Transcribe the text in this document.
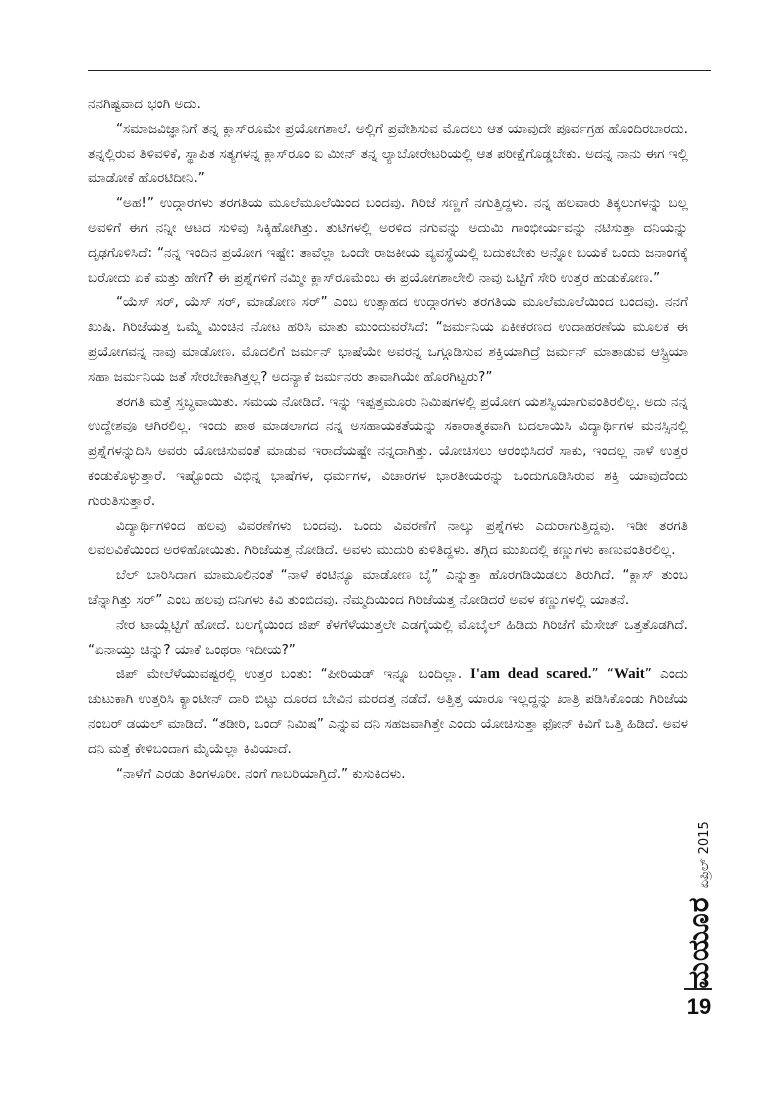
ನನಗಿಷ್ಟವಾದ ಭಂಗಿ ಅದು.

“ಸಮಾಜವಿಜ್ಞಾನಿಗೆ ತನ್ನ ಕ್ಲಾಸ್‌ರೂಮೇ ಪ್ರಯೋಗಶಾಲೆ. ಅಲ್ಲಿಗೆ ಪ್ರವೇಶಿಸುವ ಮೊದಲು ಆತ ಯಾವುದೇ ಪೂರ್ವಗ್ರಹ ಹೊಂದಿರಬಾರದು. ತನ್ನಲ್ಲಿರುವ ತಿಳಿವಳಿಕೆ, ಸ್ಥಾಪಿತ ಸತ್ಯಗಳನ್ನ ಕ್ಲಾಸ್‌ರೂಂ ಐ ಮೀನ್ ತನ್ನ ಲ್ಯಾಬೋರೇಟರಿಯಲ್ಲಿ ಆತ ಪರೀಕ್ಷೆಗೊಡ್ಡಬೇಕು. ಅದನ್ನ ನಾನು ಈಗ ಇಲ್ಲಿ ಮಾಡೋಕೆ ಹೊರಟಿದೀನಿ.”

“ಅಹ!” ಉದ್ಗಾರಗಳು ತರಗತಿಯ ಮೂಲೆಮೂಲೆಯಿಂದ ಬಂದವು. ಗಿರಿಜೆ ಸಣ್ಣಗೆ ನಗುತ್ತಿದ್ದಳು. ನನ್ನ ಹಲವಾರು ತಿಕ್ಕಲುಗಳನ್ನು ಬಲ್ಲ ಅವಳಿಗೆ ಈಗ ನನ್ನೀ ಆಟದ ಸುಳಿವು ಸಿಕ್ಕಿಹೋಗಿತ್ತು. ತುಟಿಗಳಲ್ಲಿ ಅರಳಿದ ನಗುವನ್ನು ಅದುಮಿ ಗಾಂಭೀರ್ಯವನ್ನು ನಟಿಸುತ್ತಾ ದನಿಯನ್ನು ದೃಢಗೊಳಿಸಿದೆ: “ನನ್ನ ಇಂದಿನ ಪ್ರಯೋಗ ಇಷ್ಟೇ: ತಾವೆಲ್ಲಾ ಒಂದೇ ರಾಜಕೀಯ ವ್ಯವಸ್ಥೆಯಲ್ಲಿ ಬದುಕಬೇಕು ಅನ್ನೋ ಬಯಕೆ ಒಂದು ಜನಾಂಗಕ್ಕೆ ಬರೋದು ಏಕೆ ಮತ್ತು ಹೇಗೆ? ಈ ಪ್ರಶ್ನೆಗಳಿಗೆ ನಮ್ಮೀ ಕ್ಲಾಸ್‌ರೂಮೆಂಬ ಈ ಪ್ರಯೋಗಶಾಲೇಲಿ ನಾವು ಒಟ್ಟಿಗೆ ಸೇರಿ ಉತ್ತರ ಹುಡುಕೋಣ.”

“ಯೆಸ್ ಸರ್, ಯೆಸ್ ಸರ್, ಮಾಡೋಣ ಸರ್” ಎಂಬ ಉತ್ಸಾಹದ ಉದ್ಗಾರಗಳು ತರಗತಿಯ ಮೂಲೆಮೂಲೆಯಿಂದ ಬಂದವು. ನನಗೆ ಖುಷಿ. ಗಿರಿಜೆಯತ್ತ ಒಮ್ಮೆ ಮಿಂಚಿನ ನೋಟ ಹರಿಸಿ ಮಾತು ಮುಂದುವರೆಸಿದೆ: “ಜರ್ಮನಿಯ ಏಕೀಕರಣದ ಉದಾಹರಣೆಯ ಮೂಲಕ ಈ ಪ್ರಯೋಗವನ್ನ ನಾವು ಮಾಡೋಣ. ಮೊದಲಿಗೆ ಜರ್ಮನ್ ಭಾಷೆಯೇ ಅವರನ್ನ ಒಗ್ಗೂಡಿಸುವ ಶಕ್ತಿಯಾಗಿದ್ರೆ ಜರ್ಮನ್ ಮಾತಾಡುವ ಆಸ್ಟ್ರಿಯಾ ಸಹಾ ಜರ್ಮನಿಯ ಜತೆ ಸೇರಬೇಕಾಗಿತ್ತಲ್ಲ? ಅದನ್ಯಾಕೆ ಜರ್ಮನರು ತಾವಾಗಿಯೇ ಹೊರಗಿಟ್ಟರು?”

ತರಗತಿ ಮತ್ತೆ ಸ್ತಬ್ಧವಾಯಿತು. ಸಮಯ ನೋಡಿದೆ. ಇನ್ನು ಇಪ್ಪತ್ತಮೂರು ನಿಮಿಷಗಳಲ್ಲಿ ಪ್ರಯೋಗ ಯಶಸ್ವಿಯಾಗುವಂತಿರಲಿಲ್ಲ. ಅದು ನನ್ನ ಉದ್ದೇಶವೂ ಆಗಿರಲಿಲ್ಲ. ಇಂದು ಪಾಠ ಮಾಡಲಾಗದ ನನ್ನ ಅಸಹಾಯಕತೆಯನ್ನು ಸಕಾರಾತ್ಮಕವಾಗಿ ಬದಲಾಯಿಸಿ ವಿದ್ಯಾರ್ಥಿಗಳ ಮನಸ್ಸಿನಲ್ಲಿ ಪ್ರಶ್ನೆಗಳನ್ನುದಿಸಿ ಅವರು ಯೋಚಿಸುವಂತೆ ಮಾಡುವ ಇರಾದೆಯಷ್ಟೇ ನನ್ನದಾಗಿತ್ತು. ಯೋಚಿಸಲು ಆರಂಭಿಸಿದರೆ ಸಾಕು, ಇಂದಲ್ಲ ನಾಳೆ ಉತ್ತರ ಕಂಡುಕೊಳ್ಳುತ್ತಾರೆ. ಇಷ್ಟೊಂದು ವಿಭಿನ್ನ ಭಾಷೆಗಳ, ಧರ್ಮಗಳ, ವಿಚಾರಗಳ ಭಾರತೀಯರನ್ನು ಒಂದುಗೂಡಿಸಿರುವ ಶಕ್ತಿ ಯಾವುದೆಂದು ಗುರುತಿಸುತ್ತಾರೆ.

ವಿದ್ಯಾರ್ಥಿಗಳಿಂದ ಹಲವು ವಿವರಣೆಗಳು ಬಂದವು. ಒಂದು ವಿವರಣೆಗೆ ನಾಲ್ಕು ಪ್ರಶ್ನೆಗಳು ಎದುರಾಗುತ್ತಿದ್ದವು. ಇಡೀ ತರಗತಿ ಲವಲವಿಕೆಯಿಂದ ಅರಳಿಹೋಯಿತು. ಗಿರಿಜೆಯತ್ತ ನೋಡಿದೆ. ಅವಳು ಮುದುರಿ ಕುಳಿತಿದ್ದಳು. ತಗ್ಗಿದ ಮುಖದಲ್ಲಿ ಕಣ್ಣುಗಳು ಕಾಣುವಂತಿರಲಿಲ್ಲ.

ಬೆಲ್ ಬಾರಿಸಿದಾಗ ಮಾಮೂಲಿನಂತೆ “ನಾಳೆ ಕಂಟಿನ್ಯೂ ಮಾಡೋಣ ಬೈ” ಎನ್ನುತ್ತಾ ಹೊರಗಡಿಯಿಡಲು ತಿರುಗಿದೆ. “ಕ್ಲಾಸ್ ತುಂಬ ಚೆನ್ನಾಗಿತ್ತು ಸರ್” ಎಂಬ ಹಲವು ದನಿಗಳು ಕಿವಿ ತುಂಬಿದವು. ನೆಮ್ಮದಿಯಿಂದ ಗಿರಿಜೆಯತ್ತ ನೋಡಿದರೆ ಅವಳ ಕಣ್ಣುಗಳಲ್ಲಿ ಯಾತನೆ.

ನೇರ ಟಾಯ್ಲೆಟ್ಟಿಗೆ ಹೋದೆ. ಬಲಗೈಯಿಂದ ಜಿಪ್ ಕೆಳಗೆಳೆಯುತ್ತಲೇ ಎಡಗೈಯಲ್ಲಿ ಮೊಬೈಲ್ ಹಿಡಿದು ಗಿರಿಜೆಗೆ ಮೆಸೇಜ್ ಒತ್ತತೊಡಗಿದೆ. “ಏನಾಯ್ತು ಚಿನ್ನು? ಯಾಕೆ ಒಂಥರಾ ಇದೀಯ?”

ಜಿಪ್ ಮೇಲೆಳೆಯುವಷ್ಟರಲ್ಲಿ ಉತ್ತರ ಬಂತು: “ಪೀರಿಯಡ್ ಇನ್ನೂ ಬಂದಿಲ್ಲಾ. I'am dead scared.” “Wait” ಎಂದು ಚುಟುಕಾಗಿ ಉತ್ತರಿಸಿ ಕ್ಯಾಂಟೀನ್ ದಾರಿ ಬಿಟ್ಟು ದೂರದ ಬೇವಿನ ಮರದತ್ತ ನಡೆದೆ. ಅತ್ತಿತ್ತ ಯಾರೂ ಇಲ್ಲದ್ದನ್ನು ಖಾತ್ರಿ ಪಡಿಸಿಕೊಂಡು ಗಿರಿಜೆಯ ನಂಬರ್ ಡಯಲ್ ಮಾಡಿದೆ. “ತಡೀರಿ, ಒಂದ್ ನಿಮಿಷ” ಎನ್ನುವ ದನಿ ಸಹಜವಾಗಿತ್ತೇ ಎಂದು ಯೋಚಿಸುತ್ತಾ ಫೋನ್ ಕಿವಿಗೆ ಒತ್ತಿ ಹಿಡಿದೆ. ಅವಳ ದನಿ ಮತ್ತೆ ಕೇಳಿಬಂದಾಗ ಮೈಯೆಲ್ಲಾ ಕಿವಿಯಾದೆ.

“ನಾಳೆಗೆ ಎರಡು ತಿಂಗಳೂರೀ. ನಂಗೆ ಗಾಬರಿಯಾಗ್ತಿದೆ.” ಕುಸುಕಿದಳು.

ಮಯೂರ
ಏಪ್ರಿಲ್ 2015
19
